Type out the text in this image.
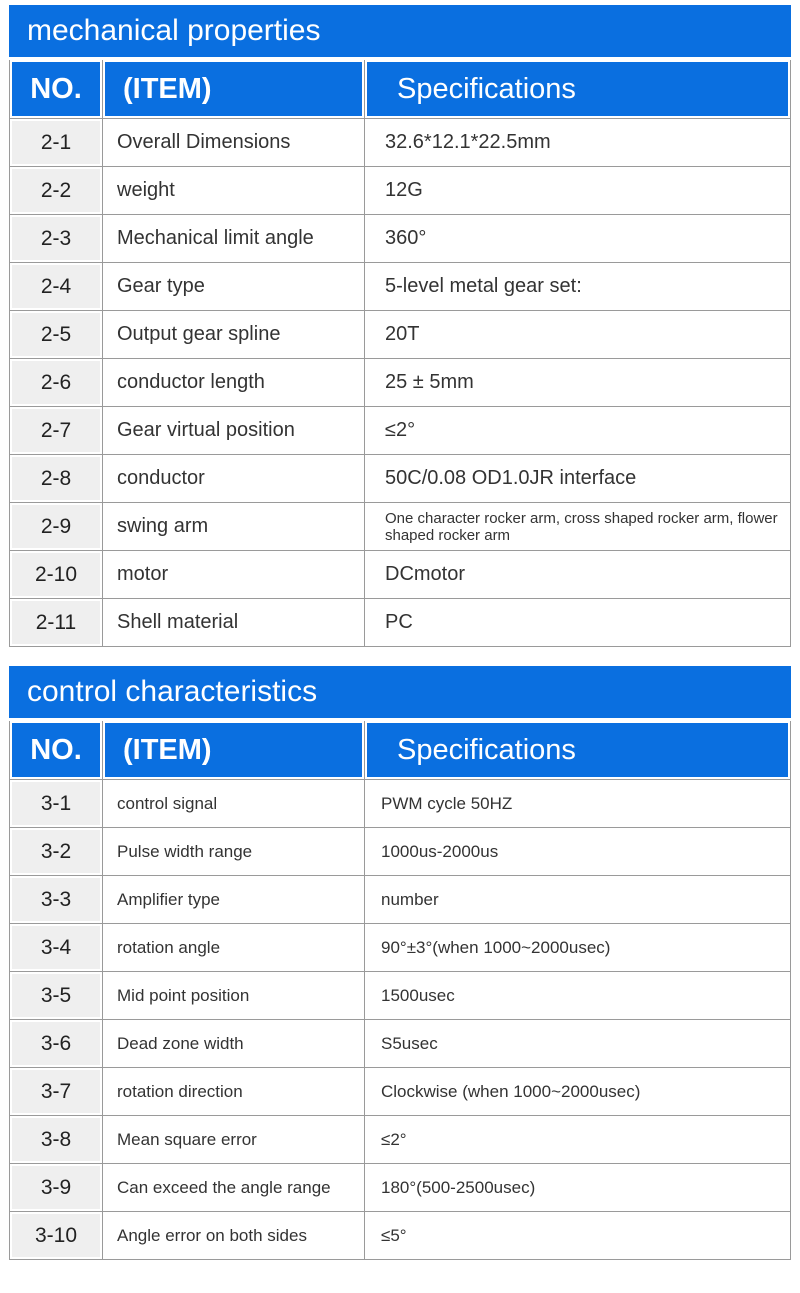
mechanical properties
NO.	(ITEM)	Specifications

2-1	Overall Dimensions	32.6*12.1*22.5mm

2-2	weight	12G

2-3	Mechanical limit angle	360°

2-4	Gear type	5-level metal gear set:

2-5	Output gear spline	20T

2-6	conductor length	25 ± 5mm

2-7	Gear virtual position	≤2°

2-8	conductor	50C/0.08 OD1.0JR interface

2-9	swing arm	One character rocker arm, cross shaped rocker arm, flower shaped rocker arm

2-10	motor	DCmotor

2-11	Shell material	PC
control characteristics
NO.	(ITEM)	Specifications

3-1	control signal	PWM cycle 50HZ

3-2	Pulse width range	1000us-2000us

3-3	Amplifier type	number

3-4	rotation angle	90°±3°(when 1000~2000usec)

3-5	Mid point position	1500usec

3-6	Dead zone width	S5usec

3-7	rotation direction	Clockwise (when 1000~2000usec)

3-8	Mean square error	≤2°

3-9	Can exceed the angle range	180°(500-2500usec)

3-10	Angle error on both sides	≤5°
